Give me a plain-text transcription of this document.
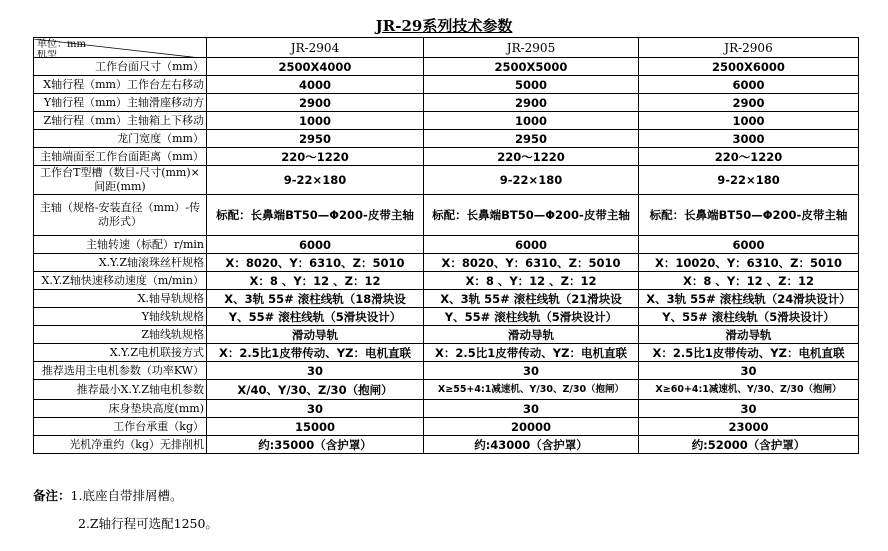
JR-29系列技术参数
单位：mm
机型	JR-2904	JR-2905	JR-2906
工作台面尺寸（mm）	2500X4000	2500X5000	2500X6000
X轴行程（mm）工作台左右移动	4000	5000	6000
Y轴行程（mm）主轴滑座移动方	2900	2900	2900
Z轴行程（mm）主轴箱上下移动	1000	1000	1000
龙门宽度（mm）	2950	2950	3000
主轴端面至工作台面距离（mm）	220～1220	220～1220	220～1220
工作台T型槽（数目-尺寸(mm)×间距(mm)	9-22×180	9-22×180	9-22×180
主轴（规格-安装直径（mm）-传动形式）	标配：长鼻端BT50—Φ200-皮带主轴	标配：长鼻端BT50—Φ200-皮带主轴	标配：长鼻端BT50—Φ200-皮带主轴
主轴转速（标配）r/min	6000	6000	6000
X.Y.Z轴滚珠丝杆规格	X：8020、Y：6310、Z：5010	X：8020、Y：6310、Z：5010	X：10020、Y：6310、Z：5010
X.Y.Z轴快速移动速度（m/min）	X：8 、Y：12 、Z：12	X：8 、Y：12 、Z：12	X：8 、Y：12 、Z：12
X.轴导轨规格	X、3轨 55# 滚柱线轨（18滑块设	X、3轨 55# 滚柱线轨（21滑块设	X、3轨 55# 滚柱线轨（24滑块设计）
Y轴线轨规格	Y、55# 滚柱线轨（5滑块设计）	Y、55# 滚柱线轨（5滑块设计）	Y、55# 滚柱线轨（5滑块设计）
Z轴线轨规格	滑动导轨	滑动导轨	滑动导轨
X.Y.Z电机联接方式	X：2.5比1皮带传动、YZ：电机直联	X：2.5比1皮带传动、YZ：电机直联	X：2.5比1皮带传动、YZ：电机直联
推荐选用主电机参数（功率KW）	30	30	30
推荐最小X.Y.Z轴电机参数	X/40、Y/30、Z/30（抱闸）	X≥55+4:1减速机、Y/30、Z/30（抱闸）	X≥60+4:1减速机、Y/30、Z/30（抱闸）
床身垫块高度(mm)	30	30	30
工作台承重（kg）	15000	20000	23000
光机净重约（kg）无排削机	约:35000（含护罩）	约:43000（含护罩）	约:52000（含护罩）
备注：1.底座自带排屑槽。
2.Z轴行程可选配1250。
